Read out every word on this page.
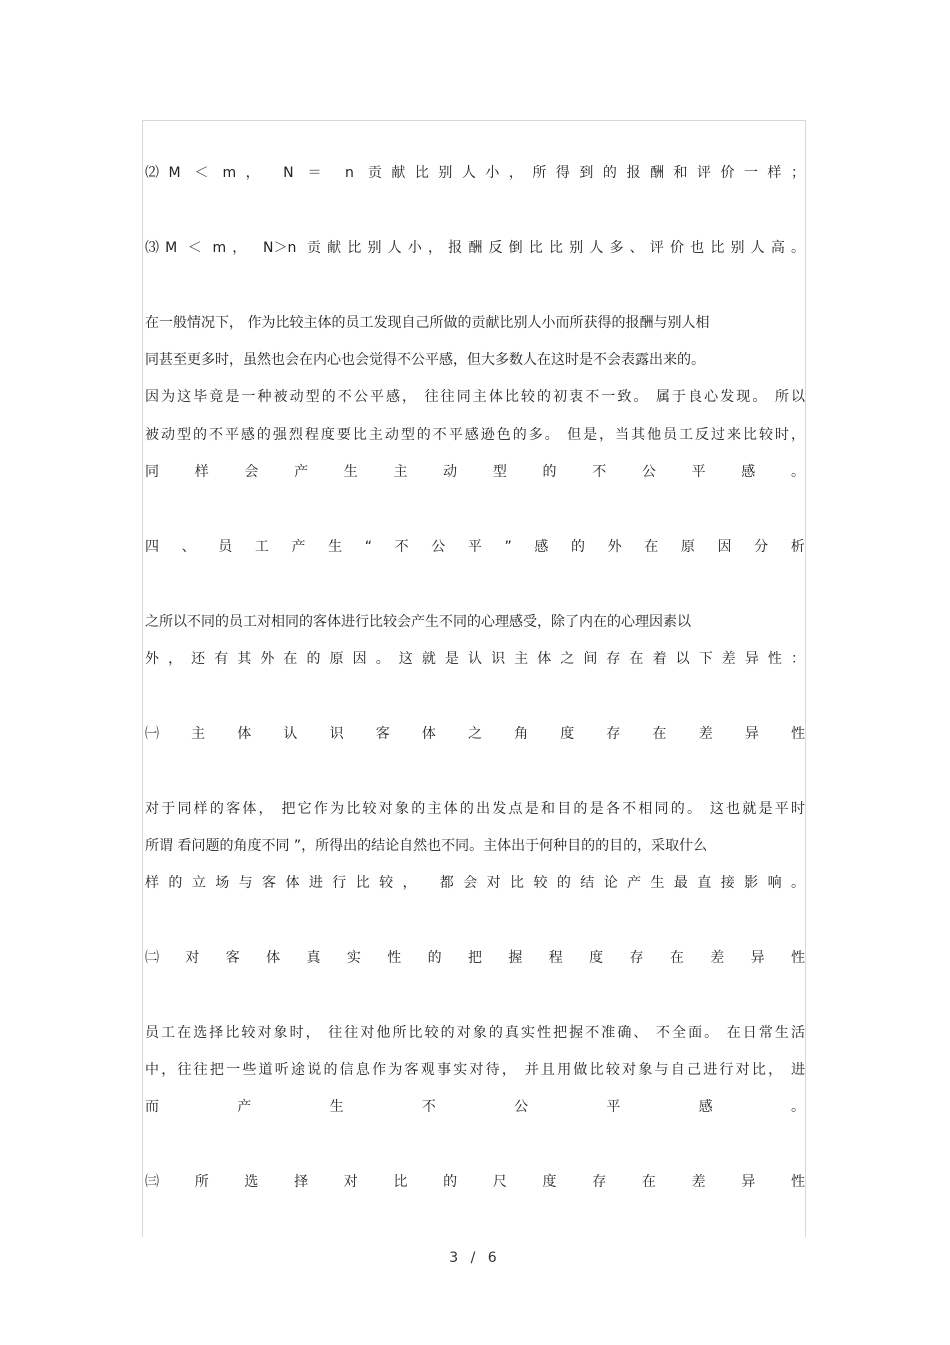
⑵M ＜ m， N ＝ n 贡献比别人小，所得到的报酬和评价一样；
⑶M ＜ m， N＞n 贡献比别人小，报酬反倒比比别人多、评价也比别人高。
在一般情况下， 作为比较主体的员工发现自己所做的贡献比别人小而所获得的报酬与别人相
同甚至更多时，虽然也会在内心也会觉得不公平感，但大多数人在这时是不会表露出来的。
因为这毕竟是一种被动型的不公平感， 往往同主体比较的初衷不一致。 属于良心发现。 所以
被动型的不平感的强烈程度要比主动型的不平感逊色的多。 但是，当其他员工反过来比较时，
同	样	会	产	生	主	动	型	的	不	公	平	感	。
四 、 员 工 产 生 “ 不 公 平 ” 感 的 外 在 原 因 分 析
之所以不同的员工对相同的客体进行比较会产生不同的心理感受，除了内在的心理因素以
外，还有其外在的原因。这就是认识主体之间存在着以下差异性：
㈠ 主 体 认 识 客 体 之 角 度 存 在 差 异 性
对于同样的客体， 把它作为比较对象的主体的出发点是和目的是各不相同的。 这也就是平时
所谓 看问题的角度不同 ”，所得出的结论自然也不同。主体出于何种目的的目的，采取什么
样的立场与客体进行比较， 都会对比较的结论产生最直接影响。
㈡ 对 客 体 真 实 性 的 把 握 程 度 存 在 差 异 性
员工在选择比较对象时， 往往对他所比较的对象的真实性把握不准确、 不全面。 在日常生活
中，往往把一些道听途说的信息作为客观事实对待， 并且用做比较对象与自己进行对比， 进
而	产	生	不	公	平	感	。
㈢	所	选	择	对	比	的	尺	度	存	在	差	异	性
3 / 6
